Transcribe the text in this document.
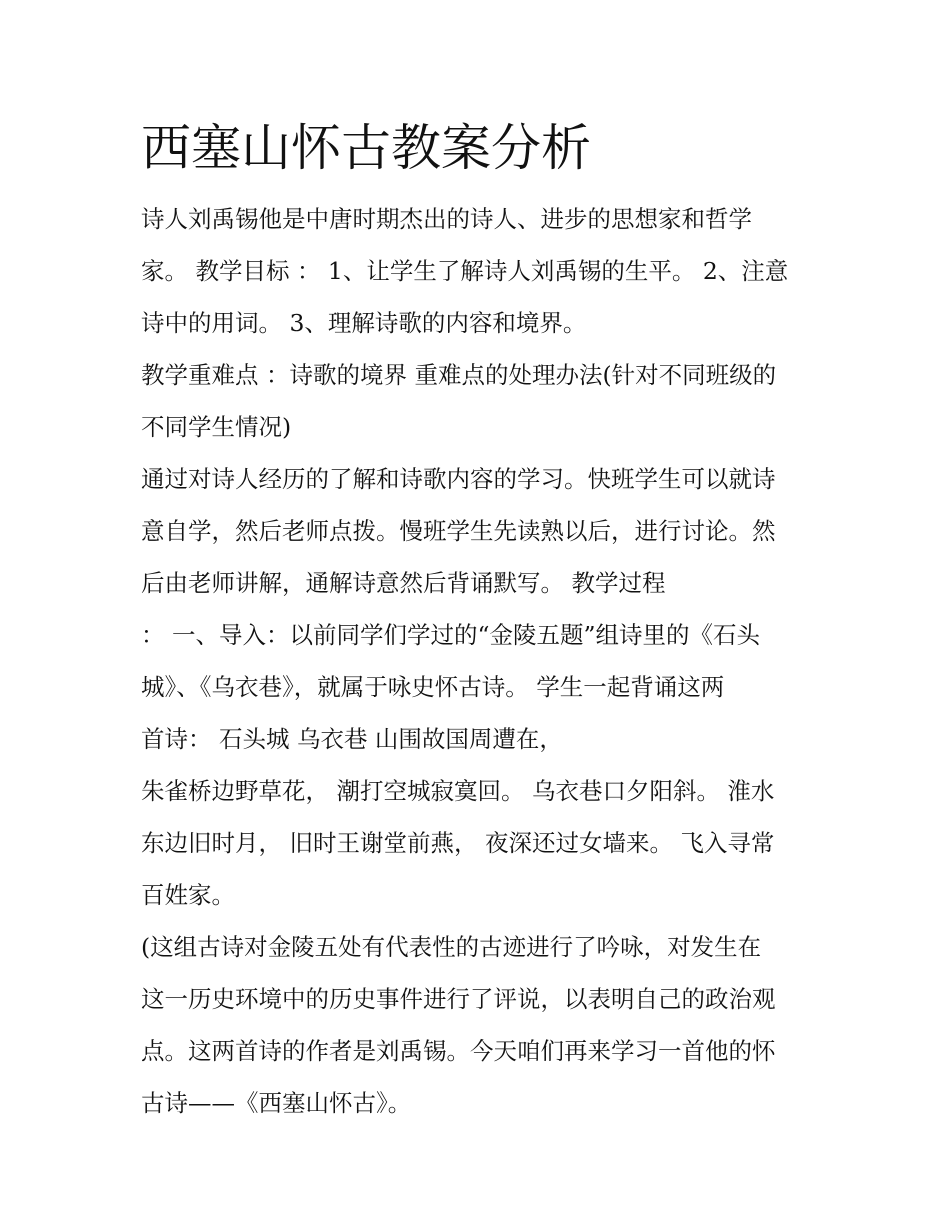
西塞山怀古教案分析
诗人刘禹锡他是中唐时期杰出的诗人、进步的思想家和哲学
家。 教学目标 ： 1、让学生了解诗人刘禹锡的生平。 2、注意
诗中的用词。 3、理解诗歌的内容和境界。
教学重难点 ：诗歌的境界 重难点的处理办法(针对不同班级的
不同学生情况)
通过对诗人经历的了解和诗歌内容的学习。快班学生可以就诗
意自学，然后老师点拨。慢班学生先读熟以后，进行讨论。然
后由老师讲解，通解诗意然后背诵默写。 教学过程
： 一、导入：以前同学们学过的“金陵五题”组诗里的《石头
城》、《乌衣巷》，就属于咏史怀古诗。 学生一起背诵这两
首诗： 石头城 乌衣巷 山围故国周遭在，
朱雀桥边野草花， 潮打空城寂寞回。 乌衣巷口夕阳斜。 淮水
东边旧时月， 旧时王谢堂前燕， 夜深还过女墙来。 飞入寻常
百姓家。
(这组古诗对金陵五处有代表性的古迹进行了吟咏，对发生在
这一历史环境中的历史事件进行了评说，以表明自己的政治观
点。这两首诗的作者是刘禹锡。今天咱们再来学习一首他的怀
古诗——《西塞山怀古》。
